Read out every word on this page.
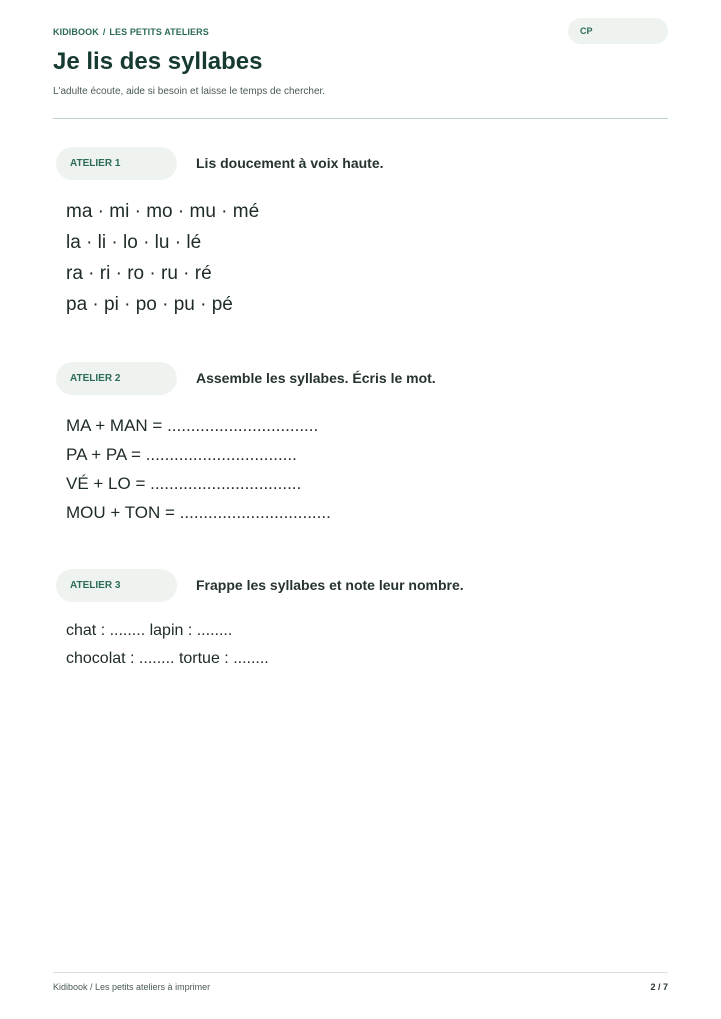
KIDIBOOK / LES PETITS ATELIERS	CP
Je lis des syllabes

L'adulte écoute, aide si besoin et laisse le temps de chercher.

ATELIER 1	Lis doucement à voix haute.
ma · mi · mo · mu · mé
la · li · lo · lu · lé
ra · ri · ro · ru · ré
pa · pi · po · pu · pé
ATELIER 2	Assemble les syllabes. Écris le mot.
MA + MAN = ................................
PA + PA = ................................
VÉ + LO = ................................
MOU + TON = ................................
ATELIER 3	Frappe les syllabes et note leur nombre.
chat : ........ lapin : ........
chocolat : ........ tortue : ........
Kidibook / Les petits ateliers à imprimer	2 / 7
